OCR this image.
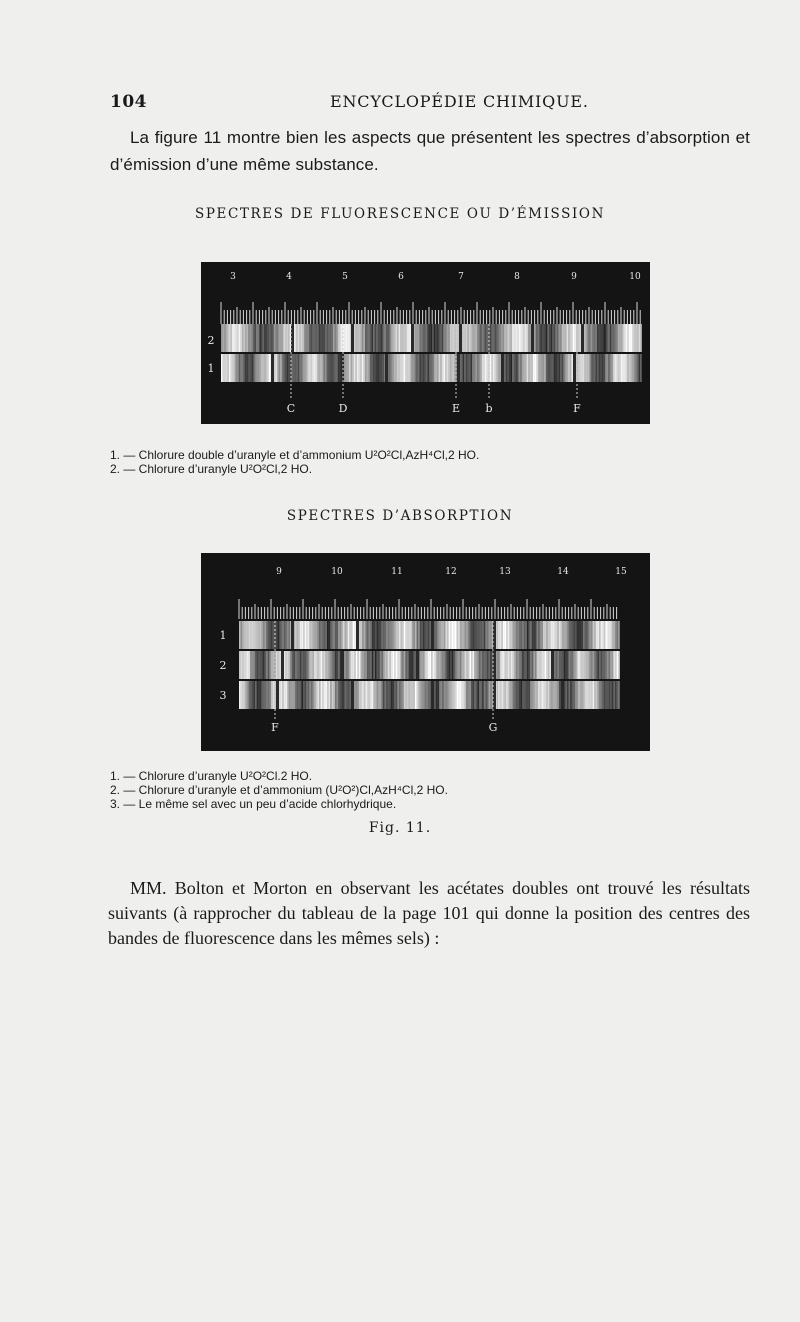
104	ENCYCLOPÉDIE CHIMIQUE.
La figure 11 montre bien les aspects que présentent les spectres d’absorption et d’émission d’une même substance.
SPECTRES DE FLUORESCENCE OU D’ÉMISSION
3	4	5	6	7	8	9	10
2
1
C	D	E b	F
1. — Chlorure double d’uranyle et d’ammonium U²O²Cl,AzH⁴Cl,2 HO.
2. — Chlorure d’uranyle U²O²Cl,2 HO.
SPECTRES D’ABSORPTION
9	10	11	12	13	14	15
1
2
3
F	G
1. — Chlorure d’uranyle U²O²Cl.2 HO.
2. — Chlorure d’uranyle et d’ammonium (U²O²)Cl,AzH⁴Cl,2 HO.
3. — Le même sel avec un peu d’acide chlorhydrique.
Fig. 11.
MM. Bolton et Morton en observant les acétates doubles ont trouvé les résultats suivants (à rapprocher du tableau de la page 101 qui donne la position des centres des bandes de fluorescence dans les mêmes sels) :
